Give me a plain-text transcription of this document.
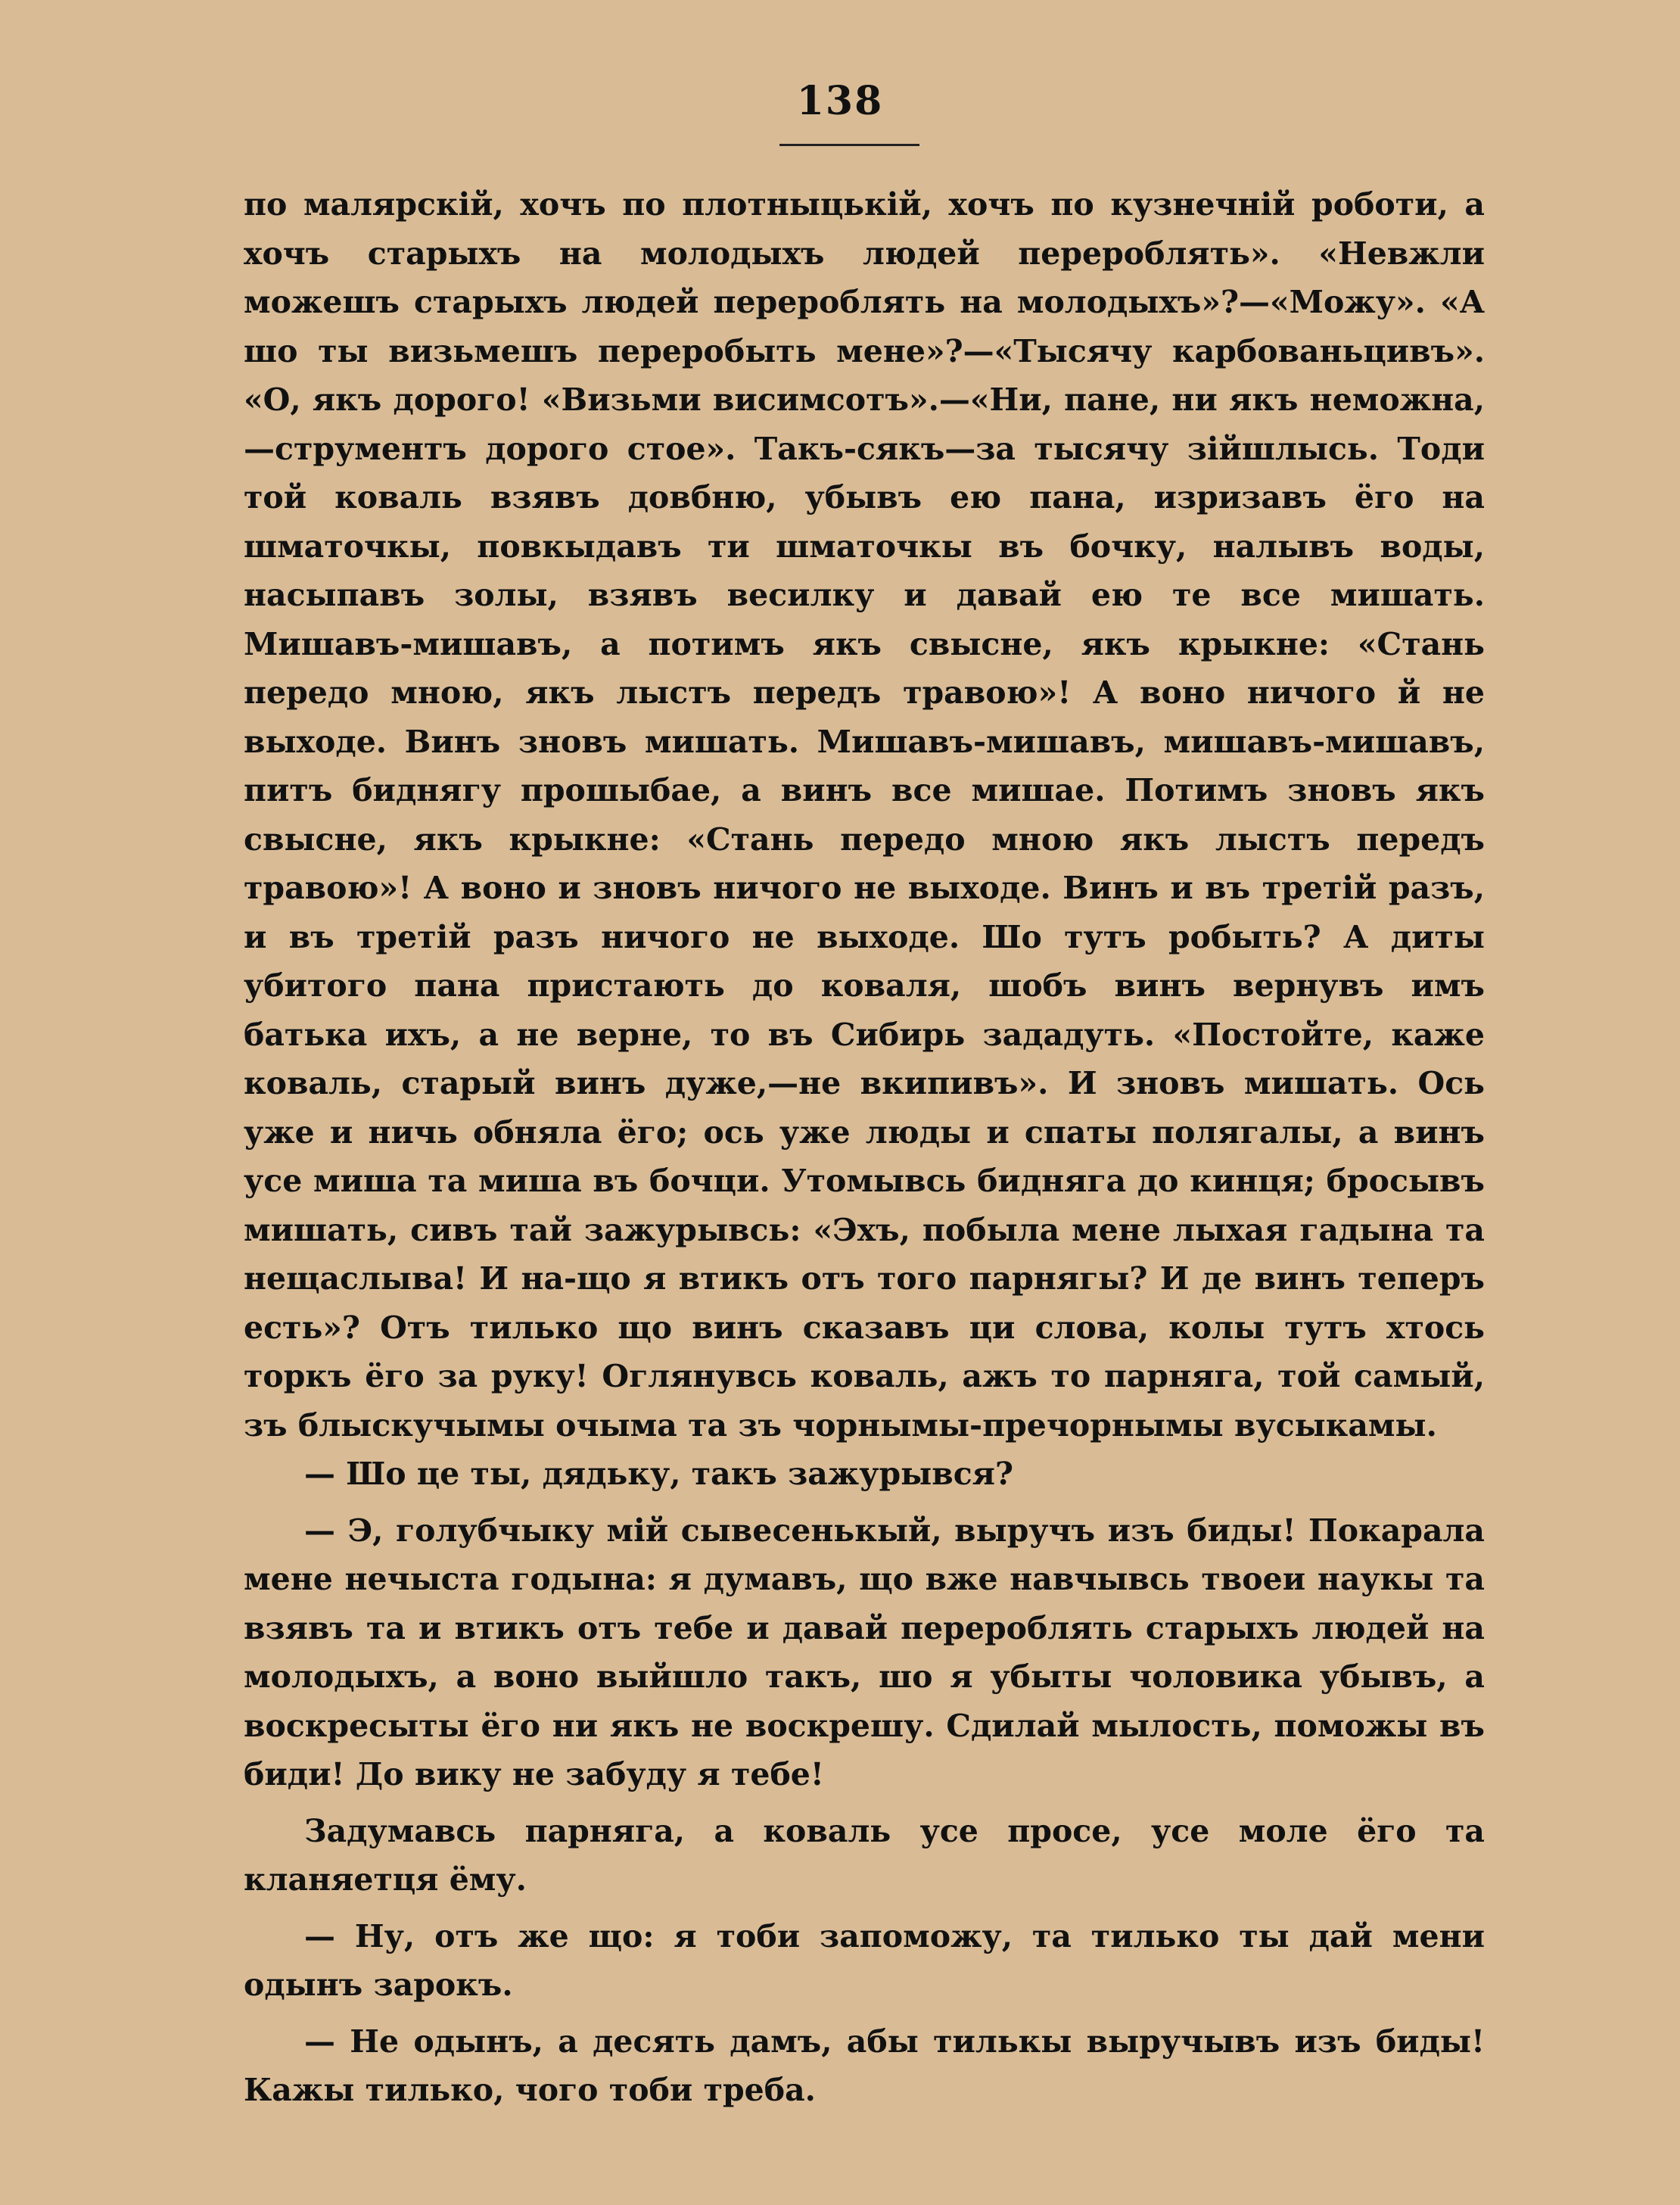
138

по малярскій, хочъ по плотныцькій, хочъ по кузнечній роботи, а хочъ старыхъ на молодыхъ людей перероблять». «Невжли можешъ старыхъ людей перероблять на молодыхъ»?—«Можу». «А шо ты визьмешъ переробыть мене»?—«Тысячу карбованьцивъ». «О, якъ дорого! «Визьми висимсотъ».—«Ни, пане, ни якъ неможна,—струментъ дорого стое». Такъ-сякъ—за тысячу зійшлысь. Тоди той коваль взявъ довбню, убывъ ею пана, изризавъ ёго на шматочкы, повкыдавъ ти шматочкы въ бочку, налывъ воды, насыпавъ золы, взявъ весилку и давай ею те все мишать. Мишавъ-мишавъ, а потимъ якъ свысне, якъ крыкне: «Стань передо мною, якъ лыстъ передъ травою»! А воно ничого й не выходе. Винъ зновъ мишать. Мишавъ-мишавъ, мишавъ-мишавъ, питъ биднягу прошыбае, а винъ все мишае. Потимъ зновъ якъ свысне, якъ крыкне: «Стань передо мною якъ лыстъ передъ травою»! А воно и зновъ ничого не выходе. Винъ и въ третій разъ, и въ третій разъ ничого не выходе. Шо тутъ робыть? А диты убитого пана пристають до коваля, шобъ винъ вернувъ имъ батька ихъ, а не верне, то въ Сибирь зададуть. «Постойте, каже коваль, старый винъ дуже,—не вкипивъ». И зновъ мишать. Ось уже и ничь обняла ёго; ось уже люды и спаты полягалы, а винъ усе миша та миша въ бочци. Утомывсь бидняга до кинця; бросывъ мишать, сивъ тай зажурывсь: «Эхъ, побыла мене лыхая гадына та нещаслыва! И на-що я втикъ отъ того парнягы? И де винъ теперъ есть»? Отъ тилько що винъ сказавъ ци слова, колы тутъ хтось торкъ ёго за руку! Оглянувсь коваль, ажъ то парняга, той самый, зъ блыскучымы очыма та зъ чорнымы-пречорнымы вусыкамы.

— Шо це ты, дядьку, такъ зажурывся?

— Э, голубчыку мій сывесенькый, выручъ изъ биды! Покарала мене нечыста годына: я думавъ, що вже навчывсь твоеи наукы та взявъ та и втикъ отъ тебе и давай перероблять старыхъ людей на молодыхъ, а воно выйшло такъ, шо я убыты чоловика убывъ, а воскресыты ёго ни якъ не воскрешу. Сдилай мылость, поможы въ биди! До вику не забуду я тебе!

Задумавсь парняга, а коваль усе просе, усе моле ёго та кланяетця ёму.

— Ну, отъ же що: я тоби запоможу, та тилько ты дай мени одынъ зарокъ.

— Не одынъ, а десять дамъ, абы тилькы выручывъ изъ биды! Кажы тилько, чого тоби треба.
